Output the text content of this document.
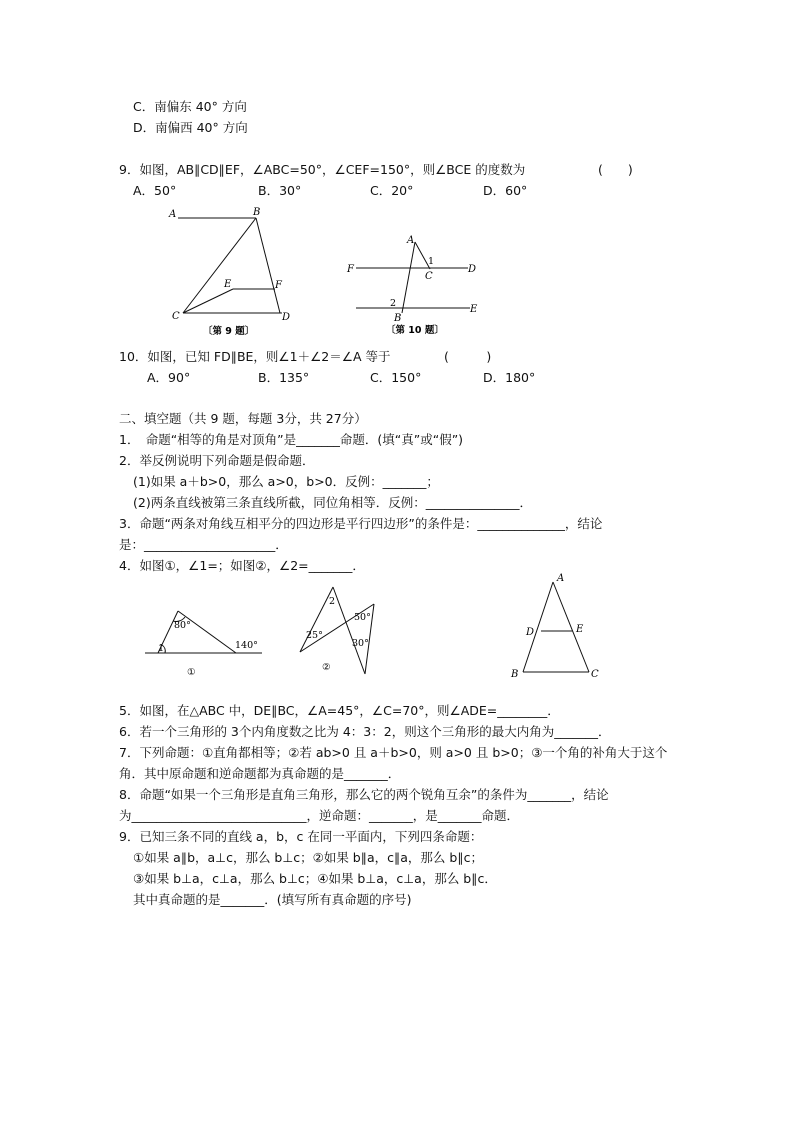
C．南偏东 40° 方向
D．南偏西 40° 方向
9．如图，AB∥CD∥EF，∠ABC=50°，∠CEF=150°，则∠BCE 的度数为	(　　)
A．50°	B．30°	C．20°	D．60°
A	B
C	D
E	F
〔第 9 题〕
A
F	D
C
E
B
1
2
〔第 10 题〕
10．如图，已知 FD∥BE，则∠1＋∠2＝∠A 等于	(　　　)
A．90°	B．135°	C．150°	D．180°
二、填空题（共 9 题，每题 3分，共 27分）
1．　命题“相等的角是对顶角”是_______命题．(填“真”或“假”)
2．举反例说明下列命题是假命题．
(1)如果 a＋b>0，那么 a>0，b>0．反例：_______；
(2)两条直线被第三条直线所截，同位角相等．反例：_______________．
3．命题“两条对角线互相平分的四边形是平行四边形”的条件是：______________，结论
是：_____________________．
4．如图①，∠1=；如图②，∠2=_______．
80°
140°
1
①
2
25°
50°
30°
②
A
D	E
B	C
5．如图，在△ABC 中，DE∥BC，∠A=45°，∠C=70°，则∠ADE=________．
6．若一个三角形的 3个内角度数之比为 4：3：2，则这个三角形的最大内角为_______．
7．下列命题：①直角都相等；②若 ab>0 且 a＋b>0，则 a>0 且 b>0；③一个角的补角大于这个
角．其中原命题和逆命题都为真命题的是_______．
8．命题“如果一个三角形是直角三角形，那么它的两个锐角互余”的条件为_______，结论
为____________________________，逆命题：_______，是_______命题．
9．已知三条不同的直线 a，b，c 在同一平面内，下列四条命题：
①如果 a∥b，a⊥c，那么 b⊥c；②如果 b∥a，c∥a，那么 b∥c；
③如果 b⊥a，c⊥a，那么 b⊥c；④如果 b⊥a，c⊥a，那么 b∥c．
其中真命题的是_______．(填写所有真命题的序号)
